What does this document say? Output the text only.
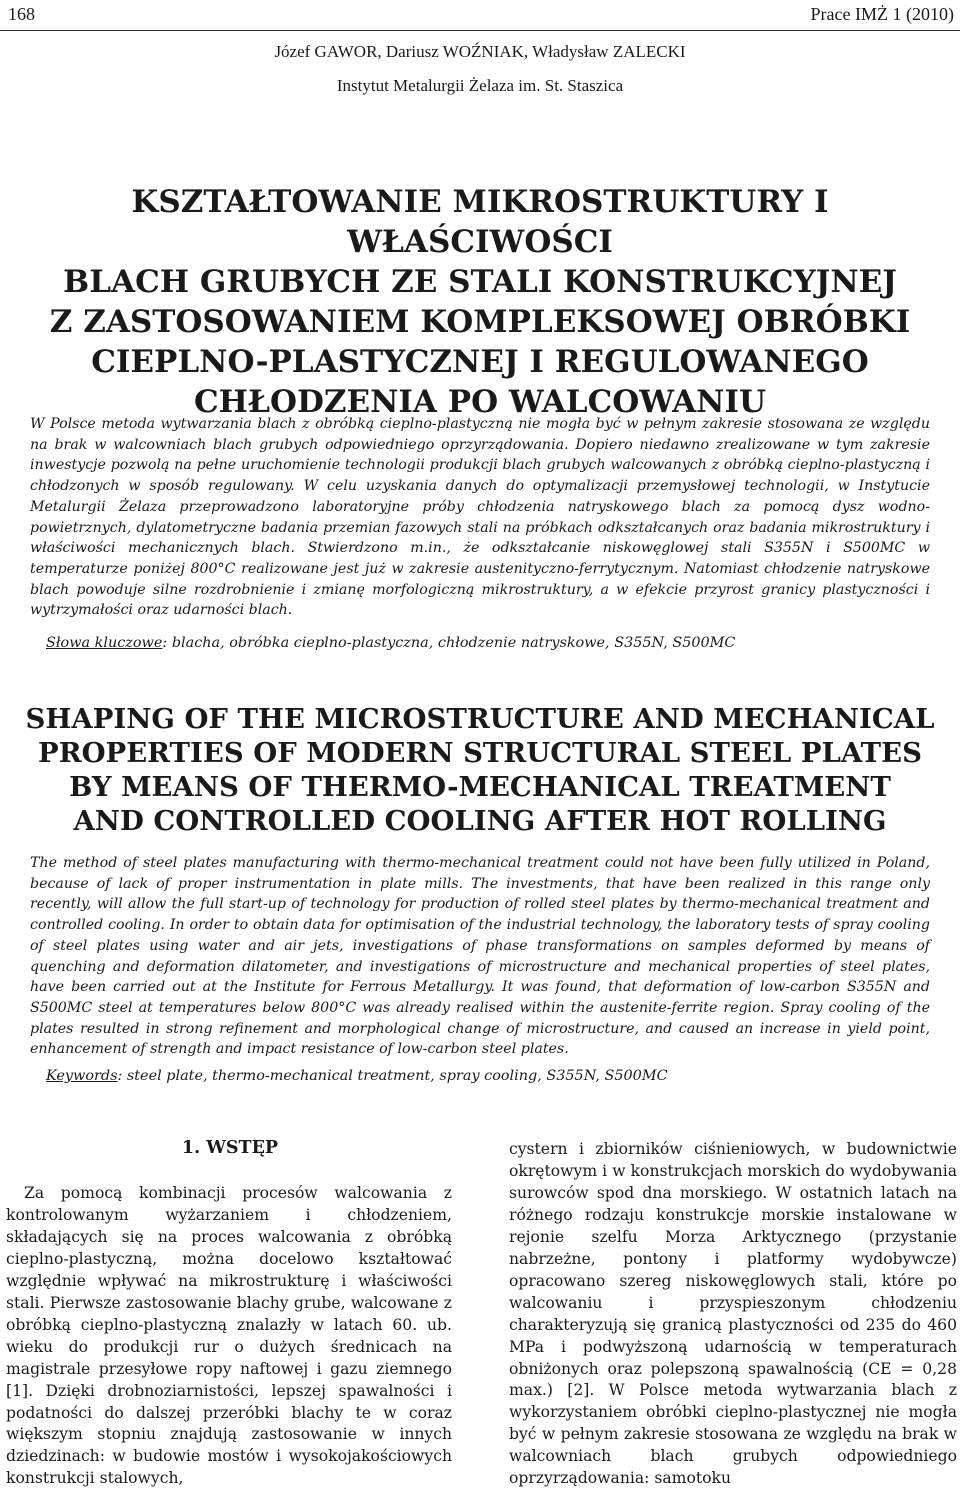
168	Prace IMŻ 1 (2010)
Józef GAWOR, Dariusz WOŹNIAK, Władysław ZALECKI
Instytut Metalurgii Żelaza im. St. Staszica
KSZTAŁTOWANIE MIKROSTRUKTURY I WŁAŚCIWOŚCI
BLACH GRUBYCH ZE STALI KONSTRUKCYJNEJ
Z ZASTOSOWANIEM KOMPLEKSOWEJ OBRÓBKI
CIEPLNO-PLASTYCZNEJ I REGULOWANEGO
CHŁODZENIA PO WALCOWANIU

W Polsce metoda wytwarzania blach z obróbką cieplno-plastyczną nie mogła być w pełnym zakresie stosowana ze względu na brak w walcowniach blach grubych odpowiedniego oprzyrządowania. Dopiero niedawno zrealizowane w tym zakresie inwestycje pozwolą na pełne uruchomienie technologii produkcji blach grubych walcowanych z obróbką cieplno-plastyczną i chłodzonych w sposób regulowany. W celu uzyskania danych do optymalizacji przemysłowej technologii, w Instytucie Metalurgii Żelaza przeprowadzono laboratoryjne próby chłodzenia natryskowego blach za pomocą dysz wodno-powietrznych, dylatometryczne badania przemian fazowych stali na próbkach odkształcanych oraz badania mikrostruktury i właściwości mechanicznych blach. Stwierdzono m.in., że odkształcanie niskowęglowej stali S355N i S500MC w temperaturze poniżej 800°C realizowane jest już w zakresie austenityczno-ferrytycznym. Natomiast chłodzenie natryskowe blach powoduje silne rozdrobnienie i zmianę morfologiczną mikrostruktury, a w efekcie przyrost granicy plastyczności i wytrzymałości oraz udarności blach.

Słowa kluczowe: blacha, obróbka cieplno-plastyczna, chłodzenie natryskowe, S355N, S500MC

SHAPING OF THE MICROSTRUCTURE AND MECHANICAL
PROPERTIES OF MODERN STRUCTURAL STEEL PLATES
BY MEANS OF THERMO-MECHANICAL TREATMENT
AND CONTROLLED COOLING AFTER HOT ROLLING

The method of steel plates manufacturing with thermo-mechanical treatment could not have been fully utilized in Poland, because of lack of proper instrumentation in plate mills. The investments, that have been realized in this range only recently, will allow the full start-up of technology for production of rolled steel plates by thermo-mechanical treatment and controlled cooling. In order to obtain data for optimisation of the industrial technology, the laboratory tests of spray cooling of steel plates using water and air jets, investigations of phase transformations on samples deformed by means of quenching and deformation dilatometer, and investigations of microstructure and mechanical properties of steel plates, have been carried out at the Institute for Ferrous Metallurgy. It was found, that deformation of low-carbon S355N and S500MC steel at temperatures below 800°C was already realised within the austenite-ferrite region. Spray cooling of the plates resulted in strong refinement and morphological change of microstructure, and caused an increase in yield point, enhancement of strength and impact resistance of low-carbon steel plates.

Keywords: steel plate, thermo-mechanical treatment, spray cooling, S355N, S500MC

1. WSTĘP

Za pomocą kombinacji procesów walcowania z kontrolowanym wyżarzaniem i chłodzeniem, składających się na proces walcowania z obróbką cieplno-plastyczną, można docelowo kształtować względnie wpływać na mikrostrukturę i właściwości stali. Pierwsze zastosowanie blachy grube, walcowane z obróbką cieplno-plastyczną znalazły w latach 60. ub. wieku do produkcji rur o dużych średnicach na magistrale przesyłowe ropy naftowej i gazu ziemnego [1]. Dzięki drobnoziarnistości, lepszej spawalności i podatności do dalszej przeróbki blachy te w coraz większym stopniu znajdują zastosowanie w innych dziedzinach: w budowie mostów i wysokojakościowych konstrukcji stalowych,

cystern i zbiorników ciśnieniowych, w budownictwie okrętowym i w konstrukcjach morskich do wydobywania surowców spod dna morskiego. W ostatnich latach na różnego rodzaju konstrukcje morskie instalowane w rejonie szelfu Morza Arktycznego (przystanie nabrzeżne, pontony i platformy wydobywcze) opracowano szereg niskowęglowych stali, które po walcowaniu i przyspieszonym chłodzeniu charakteryzują się granicą plastyczności od 235 do 460 MPa i podwyższoną udarnością w temperaturach obniżonych oraz polepszoną spawalnością (CE = 0,28 max.) [2]. W Polsce metoda wytwarzania blach z wykorzystaniem obróbki cieplno-plastycznej nie mogła być w pełnym zakresie stosowana ze względu na brak w walcowniach blach grubych odpowiedniego oprzyrządowania: samotoku
